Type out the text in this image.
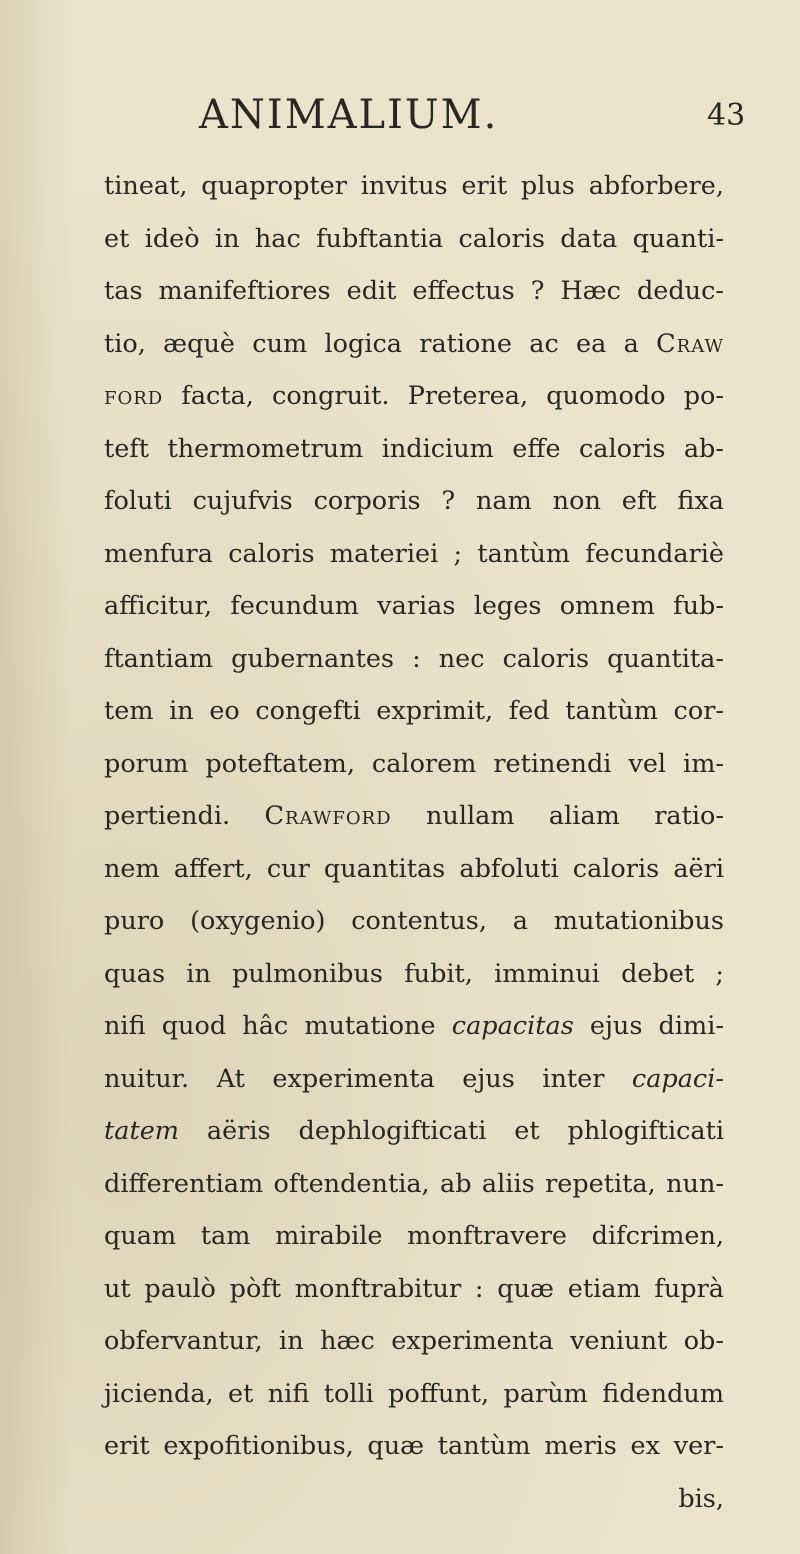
ANIMALIUM.	43
tineat, quapropter invitus erit plus abforbere,
et ideò in hac fubftantia caloris data quanti-
tas manifeftiores edit effectus ? Hæc deduc-
tio, æquè cum logica ratione ac ea a Craw
ford facta, congruit. Preterea, quomodo po-
teft thermometrum indicium effe caloris ab-
foluti cujufvis corporis ? nam non eft fixa
menfura caloris materiei ; tantùm fecundariè
afficitur, fecundum varias leges omnem fub-
ftantiam gubernantes : nec caloris quantita-
tem in eo congefti exprimit, fed tantùm cor-
porum poteftatem, calorem retinendi vel im-
pertiendi. Crawford nullam aliam ratio-
nem affert, cur quantitas abfoluti caloris aëri
puro (oxygenio) contentus, a mutationibus
quas in pulmonibus fubit, imminui debet ;
nifi quod hâc mutatione capacitas ejus dimi-
nuitur. At experimenta ejus inter capaci-
tatem aëris dephlogifticati et phlogifticati
differentiam oftendentia, ab aliis repetita, nun-
quam tam mirabile monftravere difcrimen,
ut paulò pòft monftrabitur : quæ etiam fuprà
obfervantur, in hæc experimenta veniunt ob-
jicienda, et nifi tolli poffunt, parùm fidendum
erit expofitionibus, quæ tantùm meris ex ver-
bis,
